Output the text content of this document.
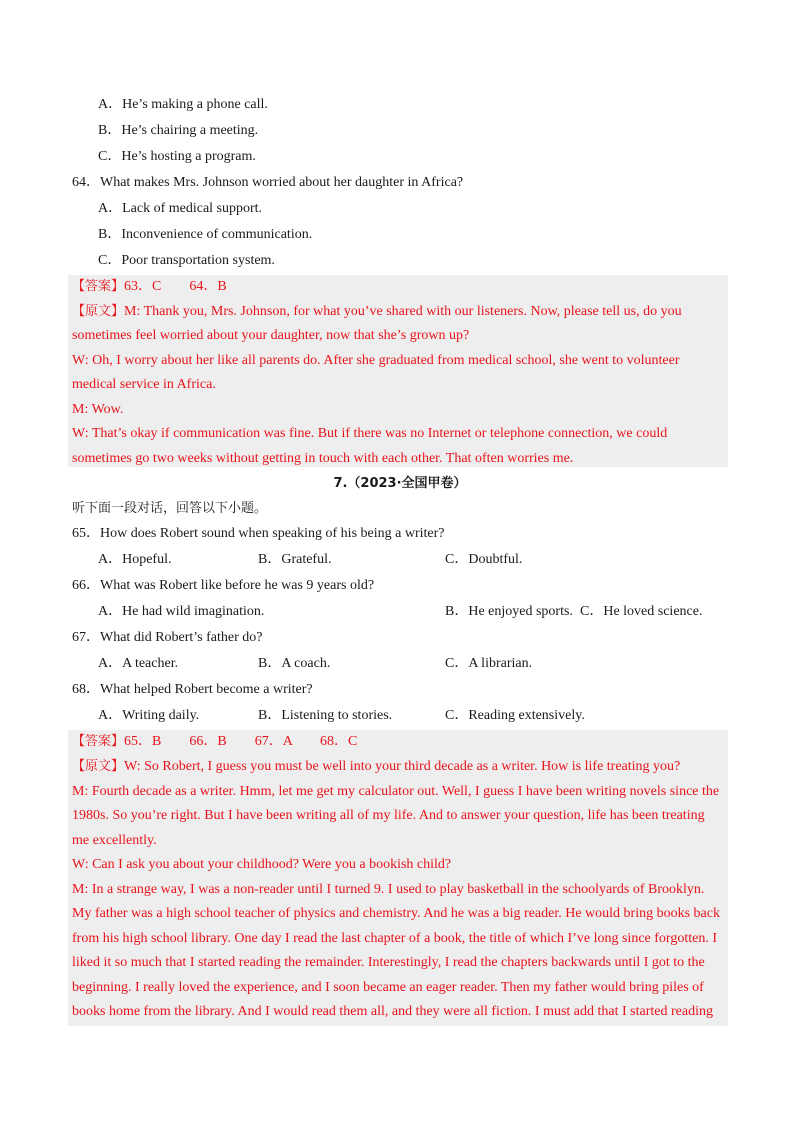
A．He’s making a phone call.
B．He’s chairing a meeting.
C．He’s hosting a program.
64．What makes Mrs. Johnson worried about her daughter in Africa?
A．Lack of medical support.
B．Inconvenience of communication.
C．Poor transportation system.
【答案】63．C　　64．B
【原文】M: Thank you, Mrs. Johnson, for what you’ve shared with our listeners. Now, please tell us, do you
sometimes feel worried about your daughter, now that she’s grown up?
W: Oh, I worry about her like all parents do. After she graduated from medical school, she went to volunteer
medical service in Africa.
M: Wow.
W: That’s okay if communication was fine. But if there was no Internet or telephone connection, we could
sometimes go two weeks without getting in touch with each other. That often worries me.
7.（2023·全国甲卷）
听下面一段对话，回答以下小题。
65．How does Robert sound when speaking of his being a writer?
A．Hopeful.	B．Grateful.	C．Doubtful.
66．What was Robert like before he was 9 years old?
A．He had wild imagination.	B．He enjoyed sports. C．He loved science.
67．What did Robert’s father do?
A．A teacher.	B．A coach.	C．A librarian.
68．What helped Robert become a writer?
A．Writing daily.	B．Listening to stories.	C．Reading extensively.
【答案】65．B　　66．B　　67．A　　68．C
【原文】W: So Robert, I guess you must be well into your third decade as a writer. How is life treating you?
M: Fourth decade as a writer. Hmm, let me get my calculator out. Well, I guess I have been writing novels since the
1980s. So you’re right. But I have been writing all of my life. And to answer your question, life has been treating
me excellently.
W: Can I ask you about your childhood? Were you a bookish child?
M: In a strange way, I was a non-reader until I turned 9. I used to play basketball in the schoolyards of Brooklyn.
My father was a high school teacher of physics and chemistry. And he was a big reader. He would bring books back
from his high school library. One day I read the last chapter of a book, the title of which I’ve long since forgotten. I
liked it so much that I started reading the remainder. Interestingly, I read the chapters backwards until I got to the
beginning. I really loved the experience, and I soon became an eager reader. Then my father would bring piles of
books home from the library. And I would read them all, and they were all fiction. I must add that I started reading
